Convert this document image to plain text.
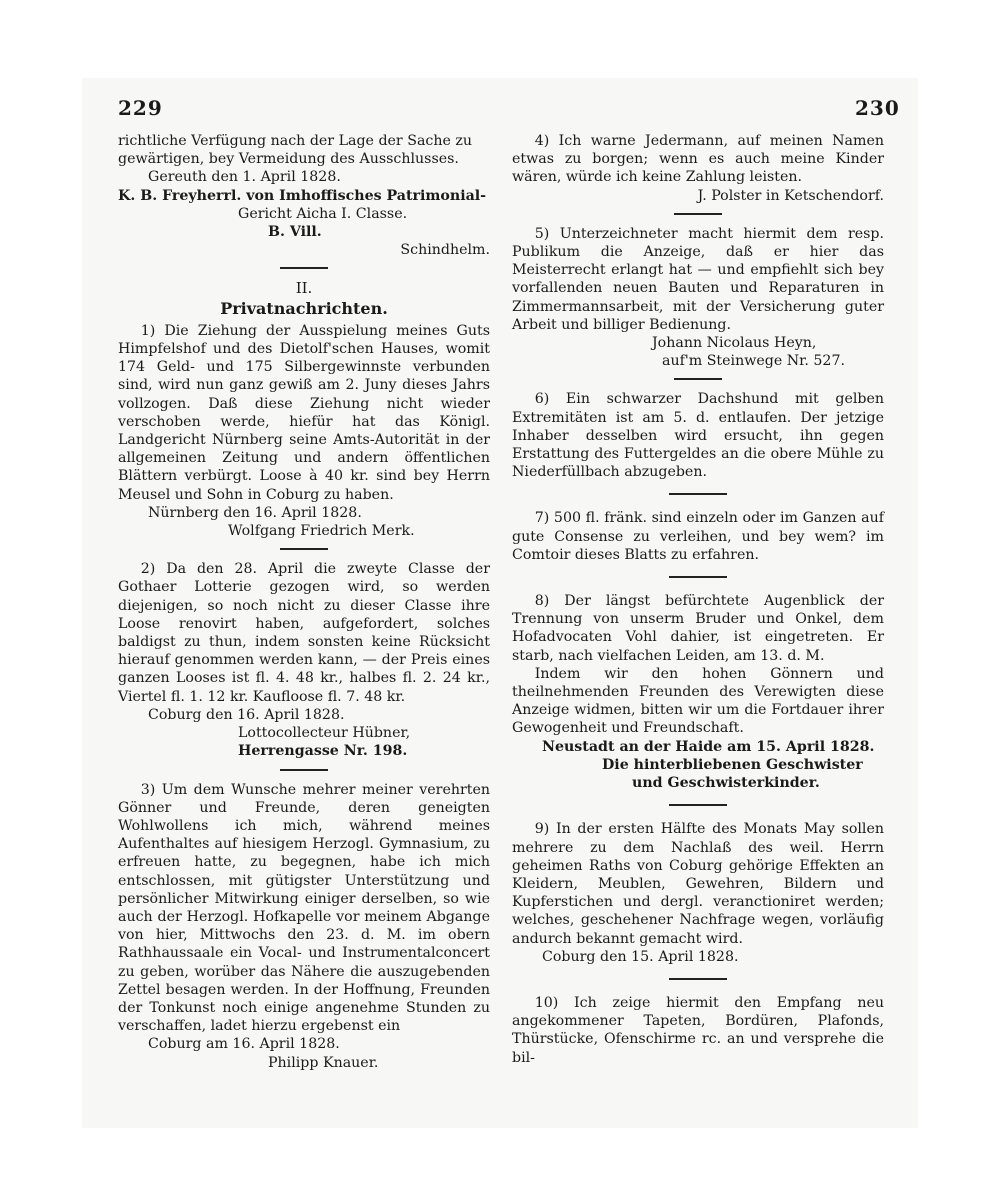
229	230

richtliche Verfügung nach der Lage der Sache zu

gewärtigen, bey Vermeidung des Ausschlusses.

Gereuth den 1. April 1828.

K. B. Freyherrl. von Imhoffisches Patrimonial-

Gericht Aicha I. Classe.

B. Vill.

Schindhelm.

II.

Privatnachrichten.

1) Die Ziehung der Ausspielung meines Guts Himpfelshof und des Dietolf'schen Hauses, womit 174 Geld- und 175 Silbergewinnste verbunden sind, wird nun ganz gewiß am 2. Juny dieses Jahrs vollzogen. Daß diese Ziehung nicht wieder verschoben werde, hiefür hat das Königl. Landgericht Nürnberg seine Amts-Autorität in der allgemeinen Zeitung und andern öffentlichen Blättern verbürgt. Loose à 40 kr. sind bey Herrn Meusel und Sohn in Coburg zu haben.

Nürnberg den 16. April 1828.

Wolfgang Friedrich Merk.

2) Da den 28. April die zweyte Classe der Gothaer Lotterie gezogen wird, so werden diejenigen, so noch nicht zu dieser Classe ihre Loose renovirt haben, aufgefordert, solches baldigst zu thun, indem sonsten keine Rücksicht hierauf genommen werden kann, — der Preis eines ganzen Looses ist fl. 4. 48 kr., halbes fl. 2. 24 kr., Viertel fl. 1. 12 kr. Kaufloose fl. 7. 48 kr.

Coburg den 16. April 1828.

Lottocollecteur Hübner,

Herrengasse Nr. 198.

3) Um dem Wunsche mehrer meiner verehrten Gönner und Freunde, deren geneigten Wohlwollens ich mich, während meines Aufenthaltes auf hiesigem Herzogl. Gymnasium, zu erfreuen hatte, zu begegnen, habe ich mich entschlossen, mit gütigster Unterstützung und persönlicher Mitwirkung einiger derselben, so wie auch der Herzogl. Hofkapelle vor meinem Abgange von hier, Mittwochs den 23. d. M. im obern Rathhaussaale ein Vocal- und Instrumentalconcert zu geben, worüber das Nähere die auszugebenden Zettel besagen werden. In der Hoffnung, Freunden der Tonkunst noch einige angenehme Stunden zu verschaffen, ladet hierzu ergebenst ein

Coburg am 16. April 1828.

Philipp Knauer.

4) Ich warne Jedermann, auf meinen Namen etwas zu borgen; wenn es auch meine Kinder wären, würde ich keine Zahlung leisten.

J. Polster in Ketschendorf.

5) Unterzeichneter macht hiermit dem resp. Publikum die Anzeige, daß er hier das Meisterrecht erlangt hat — und empfiehlt sich bey vorfallenden neuen Bauten und Reparaturen in Zimmermannsarbeit, mit der Versicherung guter Arbeit und billiger Bedienung.

Johann Nicolaus Heyn,

auf'm Steinwege Nr. 527.

6) Ein schwarzer Dachshund mit gelben Extremitäten ist am 5. d. entlaufen. Der jetzige Inhaber desselben wird ersucht, ihn gegen Erstattung des Futtergeldes an die obere Mühle zu Niederfüllbach abzugeben.

7) 500 fl. fränk. sind einzeln oder im Ganzen auf gute Consense zu verleihen, und bey wem? im Comtoir dieses Blatts zu erfahren.

8) Der längst befürchtete Augenblick der Trennung von unserm Bruder und Onkel, dem Hofadvocaten Vohl dahier, ist eingetreten. Er starb, nach vielfachen Leiden, am 13. d. M.

Indem wir den hohen Gönnern und theilnehmenden Freunden des Verewigten diese Anzeige widmen, bitten wir um die Fortdauer ihrer Gewogenheit und Freundschaft.

Neustadt an der Haide am 15. April 1828.

Die hinterbliebenen Geschwister

und Geschwisterkinder.

9) In der ersten Hälfte des Monats May sollen mehrere zu dem Nachlaß des weil. Herrn geheimen Raths von Coburg gehörige Effekten an Kleidern, Meublen, Gewehren, Bildern und Kupferstichen und dergl. veranctioniret werden; welches, geschehener Nachfrage wegen, vorläufig andurch bekannt gemacht wird.

Coburg den 15. April 1828.

10) Ich zeige hiermit den Empfang neu angekommener Tapeten, Bordüren, Plafonds, Thürstücke, Ofenschirme rc. an und versprehe die bil-
